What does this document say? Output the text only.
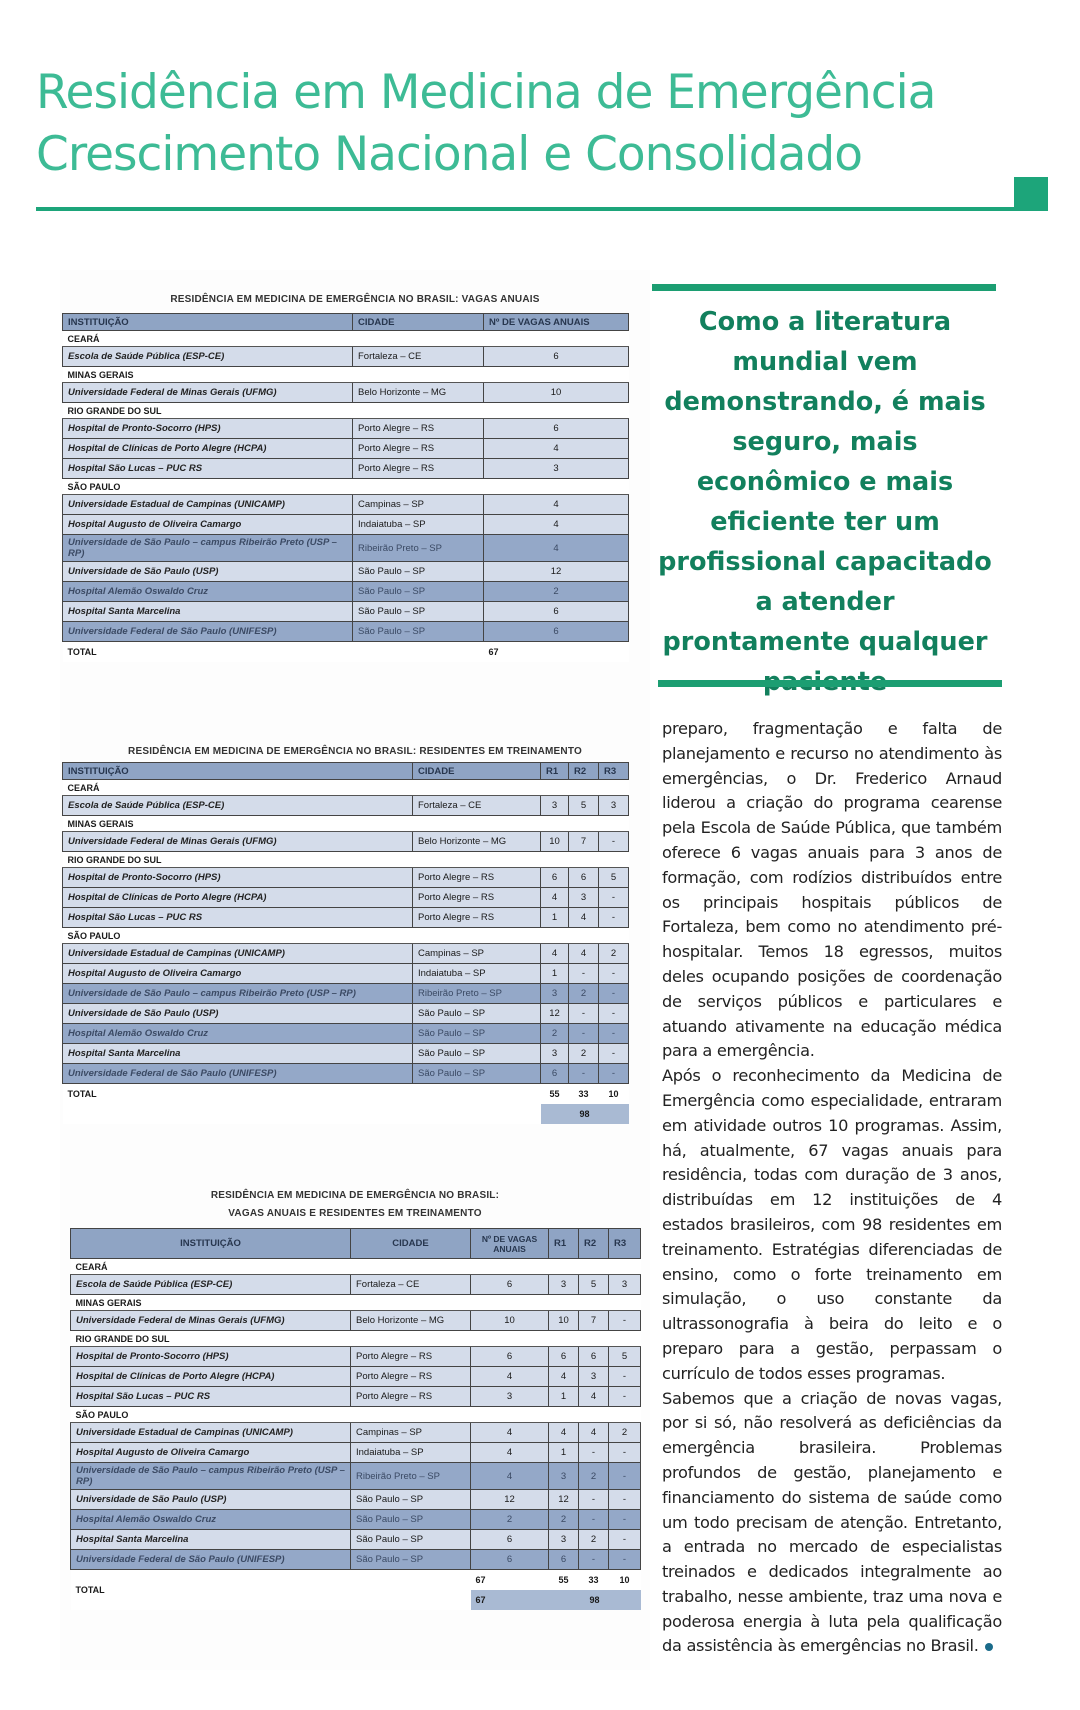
Residência em Medicina de Emergência
Crescimento Nacional e Consolidado
RESIDÊNCIA EM MEDICINA DE EMERGÊNCIA NO BRASIL: VAGAS ANUAIS
INSTITUIÇÃO	CIDADE	Nº DE VAGAS ANUAIS
CEARÁ		
Escola de Saúde Pública (ESP-CE)	Fortaleza – CE	6
MINAS GERAIS		
Universidade Federal de Minas Gerais (UFMG)	Belo Horizonte – MG	10
RIO GRANDE DO SUL		
Hospital de Pronto-Socorro (HPS)	Porto Alegre – RS	6
Hospital de Clínicas de Porto Alegre (HCPA)	Porto Alegre – RS	4
Hospital São Lucas – PUC RS	Porto Alegre – RS	3
SÃO PAULO		
Universidade Estadual de Campinas (UNICAMP)	Campinas – SP	4
Hospital Augusto de Oliveira Camargo	Indaiatuba – SP	4
Universidade de São Paulo – campus Ribeirão Preto (USP – RP)	Ribeirão Preto – SP	4
Universidade de São Paulo (USP)	São Paulo – SP	12
Hospital Alemão Oswaldo Cruz	São Paulo – SP	2
Hospital Santa Marcelina	São Paulo – SP	6
Universidade Federal de São Paulo (UNIFESP)	São Paulo – SP	6
TOTAL		67
RESIDÊNCIA EM MEDICINA DE EMERGÊNCIA NO BRASIL: RESIDENTES EM TREINAMENTO
INSTITUIÇÃO	CIDADE	R1	R2	R3
CEARÁ				
Escola de Saúde Pública (ESP-CE)	Fortaleza – CE	3	5	3
MINAS GERAIS				
Universidade Federal de Minas Gerais (UFMG)	Belo Horizonte – MG	10	7	-
RIO GRANDE DO SUL				
Hospital de Pronto-Socorro (HPS)	Porto Alegre – RS	6	6	5
Hospital de Clínicas de Porto Alegre (HCPA)	Porto Alegre – RS	4	3	-
Hospital São Lucas – PUC RS	Porto Alegre – RS	1	4	-
SÃO PAULO				
Universidade Estadual de Campinas (UNICAMP)	Campinas – SP	4	4	2
Hospital Augusto de Oliveira Camargo	Indaiatuba – SP	1	-	-
Universidade de São Paulo – campus Ribeirão Preto (USP – RP)	Ribeirão Preto – SP	3	2	-
Universidade de São Paulo (USP)	São Paulo – SP	12	-	-
Hospital Alemão Oswaldo Cruz	São Paulo – SP	2	-	-
Hospital Santa Marcelina	São Paulo – SP	3	2	-
Universidade Federal de São Paulo (UNIFESP)	São Paulo – SP	6	-	-
TOTAL		55	33	10
		98		
RESIDÊNCIA EM MEDICINA DE EMERGÊNCIA NO BRASIL:
VAGAS ANUAIS E RESIDENTES EM TREINAMENTO
INSTITUIÇÃO	CIDADE	Nº DE VAGAS ANUAIS	R1	R2	R3
CEARÁ					
Escola de Saúde Pública (ESP-CE)	Fortaleza – CE	6	3	5	3
MINAS GERAIS					
Universidade Federal de Minas Gerais (UFMG)	Belo Horizonte – MG	10	10	7	-
RIO GRANDE DO SUL					
Hospital de Pronto-Socorro (HPS)	Porto Alegre – RS	6	6	6	5
Hospital de Clínicas de Porto Alegre (HCPA)	Porto Alegre – RS	4	4	3	-
Hospital São Lucas – PUC RS	Porto Alegre – RS	3	1	4	-
SÃO PAULO					
Universidade Estadual de Campinas (UNICAMP)	Campinas – SP	4	4	4	2
Hospital Augusto de Oliveira Camargo	Indaiatuba – SP	4	1	-	-
Universidade de São Paulo – campus Ribeirão Preto (USP – RP)	Ribeirão Preto – SP	4	3	2	-
Universidade de São Paulo (USP)	São Paulo – SP	12	12	-	-
Hospital Alemão Oswaldo Cruz	São Paulo – SP	2	2	-	-
Hospital Santa Marcelina	São Paulo – SP	6	3	2	-
Universidade Federal de São Paulo (UNIFESP)	São Paulo – SP	6	6	-	-
TOTAL		67	55	33	10
		67	98		
Como a literatura mundial vem demonstrando, é mais seguro, mais econômico e mais eficiente ter um profissional capacitado a atender prontamente qualquer

preparo, fragmentação e falta de planejamento e recurso no atendimento às emergências, o Dr. Frederico Arnaud liderou a criação do programa cearense pela Escola de Saúde Pública, que também oferece 6 vagas anuais para 3 anos de formação, com rodízios distribuídos entre os principais hospitais públicos de Fortaleza, bem como no atendimento pré-hospitalar. Temos 18 egressos, muitos deles ocupando posições de coordenação de serviços públicos e particulares e atuando ativamente na educação médica para a emergência.

Após o reconhecimento da Medicina de Emergência como especialidade, entraram em atividade outros 10 programas. Assim, há, atualmente, 67 vagas anuais para residência, todas com duração de 3 anos, distribuídas em 12 instituições de 4 estados brasileiros, com 98 residentes em treinamento. Estratégias diferenciadas de ensino, como o forte treinamento em simulação, o uso constante da ultrassonografia à beira do leito e o preparo para a gestão, perpassam o currículo de todos esses programas.

Sabemos que a criação de novas vagas, por si só, não resolverá as deficiências da emergência brasileira. Problemas profundos de gestão, planejamento e financiamento do sistema de saúde como um todo precisam de atenção. Entretanto, a entrada no mercado de especialistas treinados e dedicados integralmente ao trabalho, nesse ambiente, traz uma nova e poderosa energia à luta pela qualificação da assistência às emergências no Brasil.
